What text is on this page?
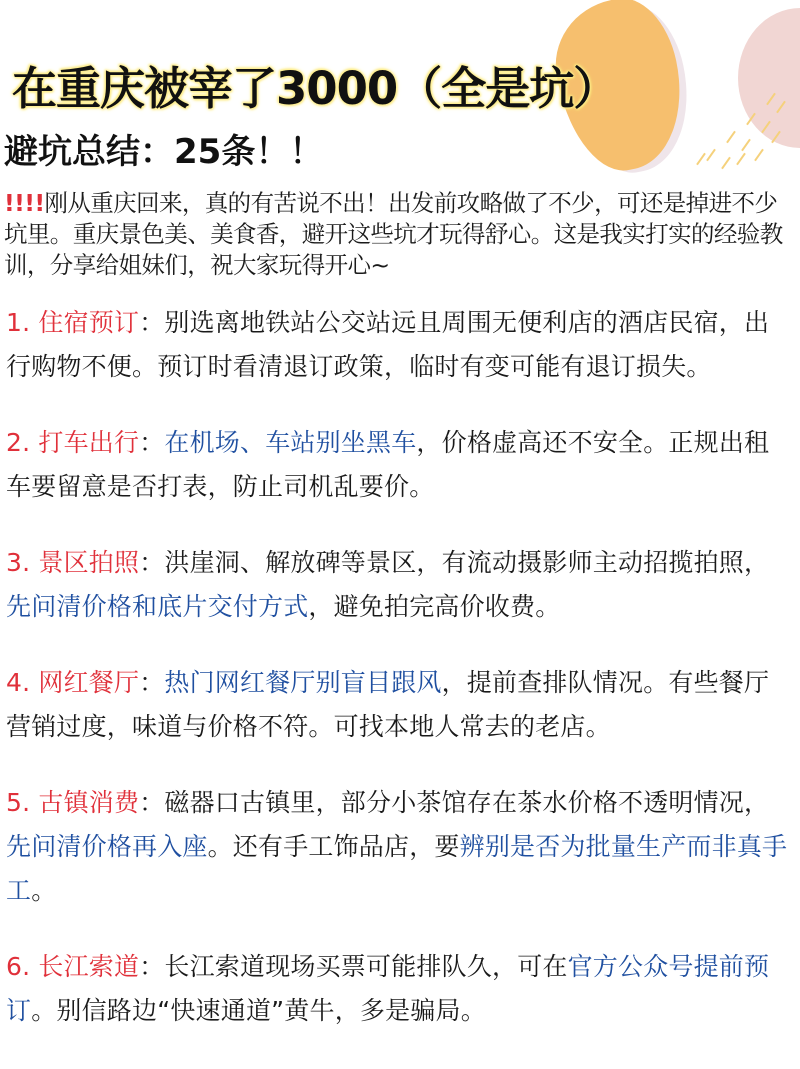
在重庆被宰了3000（全是坑）
避坑总结：25条！！
!!!!刚从重庆回来，真的有苦说不出！出发前攻略做了不少，可还是掉进不少坑里。重庆景色美、美食香，避开这些坑才玩得舒心。这是我实打实的经验教训，分享给姐妹们，祝大家玩得开心~
1. 住宿预订：别选离地铁站公交站远且周围无便利店的酒店民宿，出行购物不便。预订时看清退订政策，临时有变可能有退订损失。
2. 打车出行：在机场、车站别坐黑车，价格虚高还不安全。正规出租车要留意是否打表，防止司机乱要价。
3. 景区拍照：洪崖洞、解放碑等景区，有流动摄影师主动招揽拍照，先问清价格和底片交付方式，避免拍完高价收费。
4. 网红餐厅：热门网红餐厅别盲目跟风，提前查排队情况。有些餐厅营销过度，味道与价格不符。可找本地人常去的老店。
5. 古镇消费：磁器口古镇里，部分小茶馆存在茶水价格不透明情况，先问清价格再入座。还有手工饰品店，要辨别是否为批量生产而非真手工。
6. 长江索道：长江索道现场买票可能排队久，可在官方公众号提前预订。别信路边“快速通道”黄牛，多是骗局。
